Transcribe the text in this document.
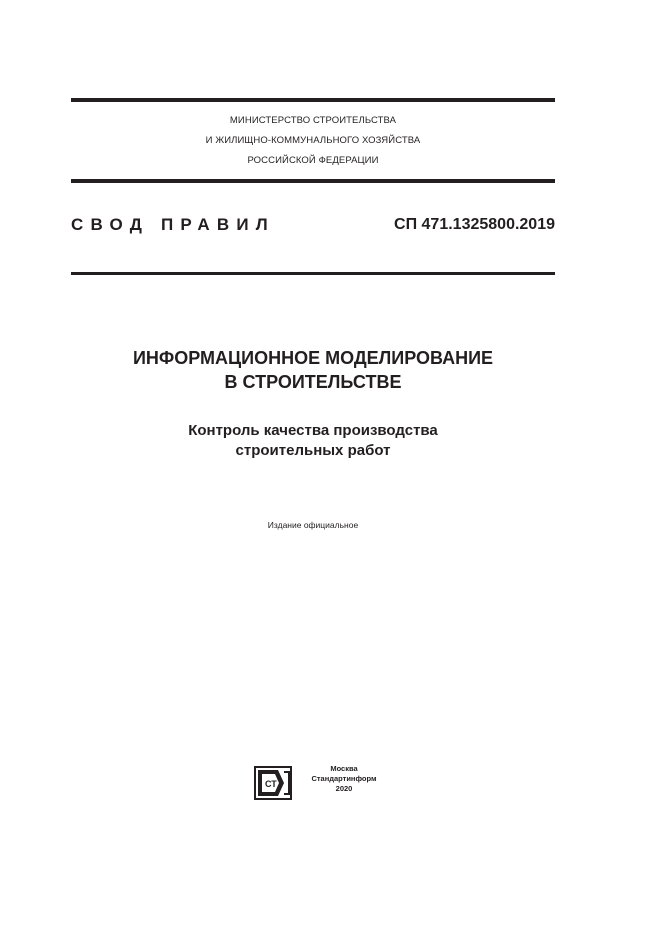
МИНИСТЕРСТВО СТРОИТЕЛЬСТВА
И ЖИЛИЩНО-КОММУНАЛЬНОГО ХОЗЯЙСТВА
РОССИЙСКОЙ ФЕДЕРАЦИИ
СВОД ПРАВИЛ	СП 471.1325800.2019
ИНФОРМАЦИОННОЕ МОДЕЛИРОВАНИЕ
В СТРОИТЕЛЬСТВЕ
Контроль качества производства
строительных работ
Издание официальное
СТ
Москва
Стандартинформ
2020
